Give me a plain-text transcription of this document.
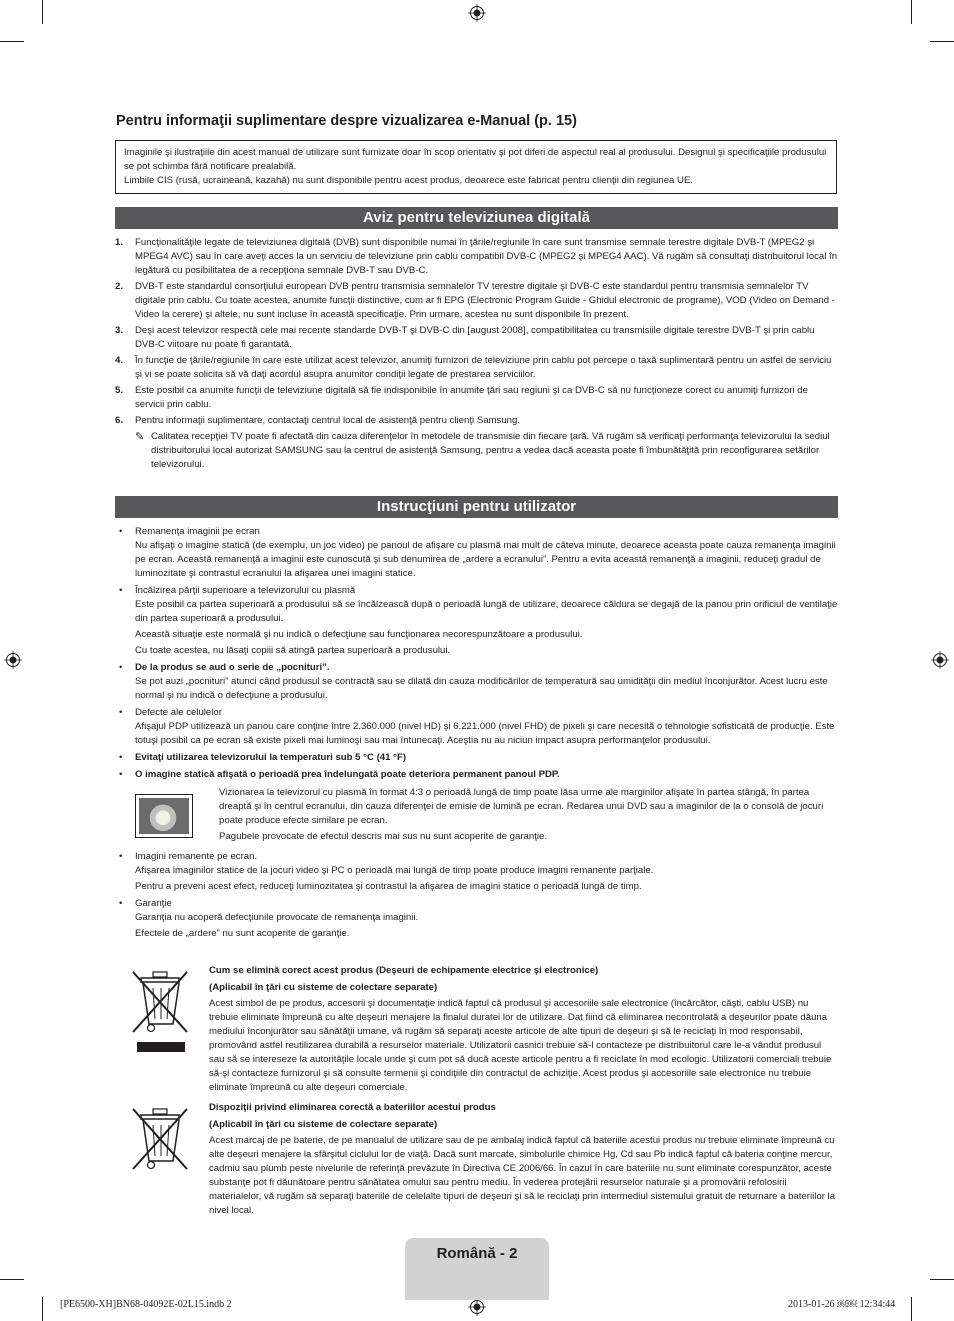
Pentru informaţii suplimentare despre vizualizarea e-Manual (p. 15)

Imaginile şi ilustraţiile din acest manual de utilizare sunt furnizate doar în scop orientativ şi pot diferi de aspectul real al produsului. Designul şi specificaţiile produsului se pot schimba fără notificare prealabilă.

Limbile CIS (rusă, ucraineană, kazahă) nu sunt disponibile pentru acest produs, deoarece este fabricat pentru clienţii din regiunea UE.

Aviz pentru televiziunea digitală
1.	Funcţionalităţile legate de televiziunea digitală (DVB) sunt disponibile numai în ţările/regiunile în care sunt transmise semnale terestre digitale DVB-T (MPEG2 şi MPEG4 AVC) sau în care aveţi acces la un serviciu de televiziune prin cablu compatibil DVB-C (MPEG2 şi MPEG4 AAC). Vă rugăm să consultaţi distribuitorul local în legătură cu posibilitatea de a recepţiona semnale DVB-T sau DVB-C.
2.	DVB-T este standardul consorţiului european DVB pentru transmisia semnalelor TV terestre digitale şi DVB-C este standardul pentru transmisia semnalelor TV digitale prin cablu. Cu toate acestea, anumite funcţii distinctive, cum ar fi EPG (Electronic Program Guide - Ghidul electronic de programe), VOD (Video on Demand - Video la cerere) şi altele, nu sunt incluse în această specificaţie. Prin urmare, acestea nu sunt disponibile în prezent.
3.	Deşi acest televizor respectă cele mai recente standarde DVB-T şi DVB-C din [august 2008], compatibilitatea cu transmisiile digitale terestre DVB-T şi prin cablu DVB-C viitoare nu poate fi garantată.
4.	În funcţie de ţările/regiunile în care este utilizat acest televizor, anumiţi furnizori de televiziune prin cablu pot percepe o taxă suplimentară pentru un astfel de serviciu şi vi se poate solicita să vă daţi acordul asupra anumitor condiţii legate de prestarea serviciilor.
5.	Este posibil ca anumite funcţii de televiziune digitală să fie indisponibile în anumite ţări sau regiuni şi ca DVB-C să nu funcţioneze corect cu anumiţi furnizori de servicii prin cablu.
6.	Pentru informaţii suplimentare, contactaţi centrul local de asistenţă pentru clienţi Samsung.
✎ Calitatea recepţiei TV poate fi afectată din cauza diferenţelor în metodele de transmisie din fiecare ţară. Vă rugăm să verificaţi performanţa televizorului la sediul distribuitorului local autorizat SAMSUNG sau la centrul de asistenţă Samsung, pentru a vedea dacă aceasta poate fi îmbunătăţită prin reconfigurarea setărilor televizorului.
Instrucţiuni pentru utilizator
•	Remanenţa imaginii pe ecran
Nu afişaţi o imagine statică (de exemplu, un joc video) pe panoul de afişare cu plasmă mai mult de câteva minute, deoarece aceasta poate cauza remanenţa imaginii pe ecran. Această remanenţă a imaginii este cunoscută şi sub denumirea de „ardere a ecranului”. Pentru a evita această remanenţă a imaginii, reduceţi gradul de luminozitate şi contrastul ecranului la afişarea unei imagini statice.
•	Încălzirea părţii superioare a televizorului cu plasmă
Este posibil ca partea superioară a produsului să se încălzească după o perioadă lungă de utilizare, deoarece căldura se degajă de la panou prin orificiul de ventilaţie din partea superioară a produsului.
Această situaţie este normală şi nu indică o defecţiune sau funcţionarea necorespunzătoare a produsului.
Cu toate acestea, nu lăsaţi copiii să atingă partea superioară a produsului.
•	De la produs se aud o serie de „pocnituri”.
Se pot auzi „pocnituri” atunci când produsul se contractă sau se dilată din cauza modificărilor de temperatură sau umidităţii din mediul înconjurător. Acest lucru este normal şi nu indică o defecţiune a produsului.
•	Defecte ale celulelor
Afişajul PDP utilizează un panou care conţine între 2.360.000 (nivel HD) şi 6.221.000 (nivel FHD) de pixeli şi care necesită o tehnologie sofisticată de producţie. Este totuşi posibil ca pe ecran să existe pixeli mai luminoşi sau mai întunecaţi. Aceştia nu au niciun impact asupra performanţelor produsului.
•	Evitaţi utilizarea televizorului la temperaturi sub 5 °C (41 °F)
•	O imagine statică afişată o perioadă prea îndelungată poate deteriora permanent panoul PDP.
Vizionarea la televizorul cu plasmă în format 4:3 o perioadă lungă de timp poate lăsa urme ale marginilor afişate în partea stângă, în partea dreaptă şi în centrul ecranului, din cauza diferenţei de emisie de lumină pe ecran. Redarea unui DVD sau a imaginilor de la o consolă de jocuri poate produce efecte similare pe ecran.
Pagubele provocate de efectul descris mai sus nu sunt acoperite de garanţie.
•	Imagini remanente pe ecran.
Afişarea imaginilor statice de la jocuri video şi PC o perioadă mai lungă de timp poate produce imagini remanente parţiale.
Pentru a preveni acest efect, reduceţi luminozitatea şi contrastul la afişarea de imagini statice o perioadă lungă de timp.
•	Garanţie
Garanţia nu acoperă defecţiunile provocate de remanenţa imaginii.
Efectele de „ardere” nu sunt acoperite de garanţie.
Cum se elimină corect acest produs (Deşeuri de echipamente electrice şi electronice)
(Aplicabil în ţări cu sisteme de colectare separate)
Acest simbol de pe produs, accesorii şi documentaţie indică faptul că produsul şi accesoriile sale electronice (încărcător, căşti, cablu USB) nu trebuie eliminate împreună cu alte deşeuri menajere la finalul duratei lor de utilizare. Dat fiind că eliminarea necontrolată a deşeurilor poate dăuna mediului înconjurător sau sănătăţii umane, vă rugăm să separaţi aceste articole de alte tipuri de deşeuri şi să le reciclaţi în mod responsabil, promovând astfel reutilizarea durabilă a resurselor materiale. Utilizatorii casnici trebuie să-l contacteze pe distribuitorul care le-a vândut produsul sau să se intereseze la autorităţile locale unde şi cum pot să ducă aceste articole pentru a fi reciclate în mod ecologic. Utilizatorii comerciali trebuie să-şi contacteze furnizorul şi să consulte termenii şi condiţiile din contractul de achiziţie. Acest produs şi accesoriile sale electronice nu trebuie eliminate împreună cu alte deşeuri comerciale.
Dispoziţii privind eliminarea corectă a bateriilor acestui produs
(Aplicabil în ţări cu sisteme de colectare separate)
Acest marcaj de pe baterie, de pe manualul de utilizare sau de pe ambalaj indică faptul că bateriile acestui produs nu trebuie eliminate împreună cu alte deşeuri menajere la sfârşitul ciclului lor de viaţă. Dacă sunt marcate, simbolurile chimice Hg, Cd sau Pb indică faptul că bateria conţine mercur, cadmiu sau plumb peste nivelurile de referinţă prevăzute în Directiva CE 2006/66. În cazul în care bateriile nu sunt eliminate corespunzător, aceste substanţe pot fi dăunătoare pentru sănătatea omului sau pentru mediu. În vederea protejării resurselor naturale şi a promovării refolosirii materialelor, vă rugăm să separaţi bateriile de celelalte tipuri de deşeuri şi să le reciclaţi prin intermediul sistemului gratuit de returnare a bateriilor la nivel local.
Română - 2
[PE6500-XH]BN68-04092E-02L15.indb 2	2013-01-26 ￼￼ 12:34:44
